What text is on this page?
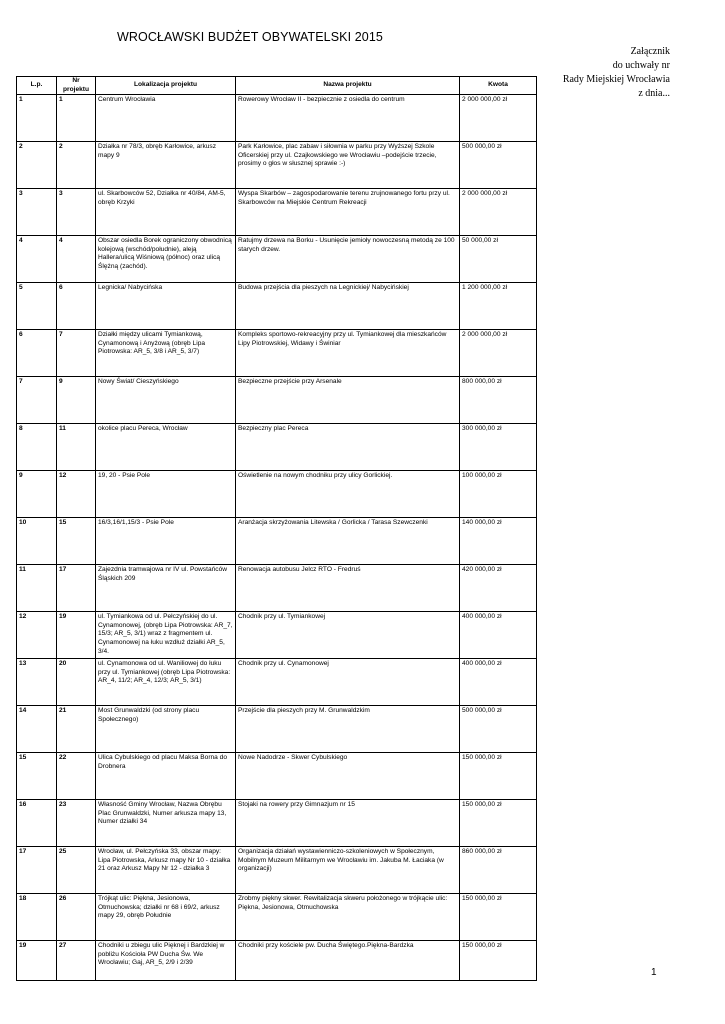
WROCŁAWSKI BUDŻET OBYWATELSKI 2015
Załącznik
do uchwały nr
Rady Miejskiej Wrocławia
z dnia...
L.p.	Nr projektu	Lokalizacja projektu	Nazwa projektu	Kwota
1	1	Centrum Wrocławia	Rowerowy Wrocław II - bezpiecznie z osiedla do centrum	2 000 000,00 zł
2	2	Działka nr 78/3, obręb Karłowice, arkusz mapy 9	Park Karłowice, plac zabaw i siłownia w parku przy Wyższej Szkole Oficerskiej przy ul. Czajkowskiego we Wrocławiu –podejście trzecie, prosimy o głos w słusznej sprawie :-)	500 000,00 zł
3	3	ul. Skarbowców 52, Działka nr 40/84, AM-5, obręb Krzyki	Wyspa Skarbów – zagospodarowanie terenu zrujnowanego fortu przy ul. Skarbowców na Miejskie Centrum Rekreacji	2 000 000,00 zł
4	4	Obszar osiedla Borek ograniczony obwodnicą kolejową (wschód/południe), aleją Hallera/ulicą Wiśniową (północ) oraz ulicą Ślężną (zachód).	Ratujmy drzewa na Borku - Usunięcie jemioły nowoczesną metodą ze 100 starych drzew.	50 000,00 zł
5	6	Legnicka/ Nabycińska	Budowa przejścia dla pieszych na Legnickiej/ Nabycińskiej	1 200 000,00 zł
6	7	Działki między ulicami Tymiankową, Cynamonową i Anyżową (obręb Lipa Piotrowska: AR_5, 3/8 i AR_5, 3/7)	Kompleks sportowo-rekreacyjny przy ul. Tymiankowej dla mieszkańców Lipy Piotrowskiej, Widawy i Świniar	2 000 000,00 zł
7	9	Nowy Świat/ Cieszyńskiego	Bezpieczne przejście przy Arsenale	800 000,00 zł
8	11	okolice placu Pereca, Wrocław	Bezpieczny plac Pereca	300 000,00 zł
9	12	19, 20 - Psie Pole	Oświetlenie na nowym chodniku przy ulicy Gorlickiej.	100 000,00 zł
10	15	16/3,16/1,15/3 - Psie Pole	Aranżacja skrzyżowania Litewska / Gorlicka / Tarasa Szewczenki	140 000,00 zł
11	17	Zajezdnia tramwajowa nr IV ul. Powstańców Śląskich 209	Renowacja autobusu Jelcz RTO - Fredruś	420 000,00 zł
12	19	ul. Tymiankowa od ul. Pełczyńskiej do ul. Cynamonowej, (obręb Lipa Piotrowska: AR_7, 15/3; AR_5, 3/1) wraz z fragmentem ul. Cynamonowej na łuku wzdłuż działki AR_5, 3/4.	Chodnik przy ul. Tymiankowej	400 000,00 zł
13	20	ul. Cynamonowa od ul. Waniliowej do łuku przy ul. Tymiankowej (obręb Lipa Piotrowska: AR_4, 11/2; AR_4, 12/3; AR_5, 3/1)	Chodnik przy ul. Cynamonowej	400 000,00 zł
14	21	Most Grunwaldzki (od strony placu Społecznego)	Przejście dla pieszych przy M. Grunwaldzkim	500 000,00 zł
15	22	Ulica Cybulskiego od placu Maksa Borna do Drobnera	Nowe Nadodrze - Skwer Cybulskiego	150 000,00 zł
16	23	Własność Gminy Wrocław, Nazwa Obrębu Plac Grunwaldzki, Numer arkusza mapy 13, Numer działki 34	Stojaki na rowery przy Gimnazjum nr 15	150 000,00 zł
17	25	Wrocław, ul. Pełczyńska 33, obszar mapy: Lipa Piotrowska, Arkusz mapy Nr 10 - działka 21 oraz Arkusz Mapy Nr 12 - działka 3	Organizacja działań wystawienniczo-szkoleniowych w Społecznym, Mobilnym Muzeum Militarnym we Wrocławiu im. Jakuba M. Łaciaka (w organizacji)	860 000,00 zł
18	26	Trójkąt ulic: Piękna, Jesionowa, Otmuchowska; działki nr 68 i 69/2, arkusz mapy 29, obręb Południe	Zrobmy piękny skwer. Rewitalizacja skweru położonego w trójkącie ulic: Piękna, Jesionowa, Otmuchowska	150 000,00 zł
19	27	Chodniki u zbiegu ulic Pięknej i Bardzkiej w pobliżu Kościoła PW Ducha Św. We Wrocławiu; Gaj, AR_5, 2/9 i 2/39	Chodniki przy kościele pw. Ducha Świętego.Piękna-Bardzka	150 000,00 zł
1
